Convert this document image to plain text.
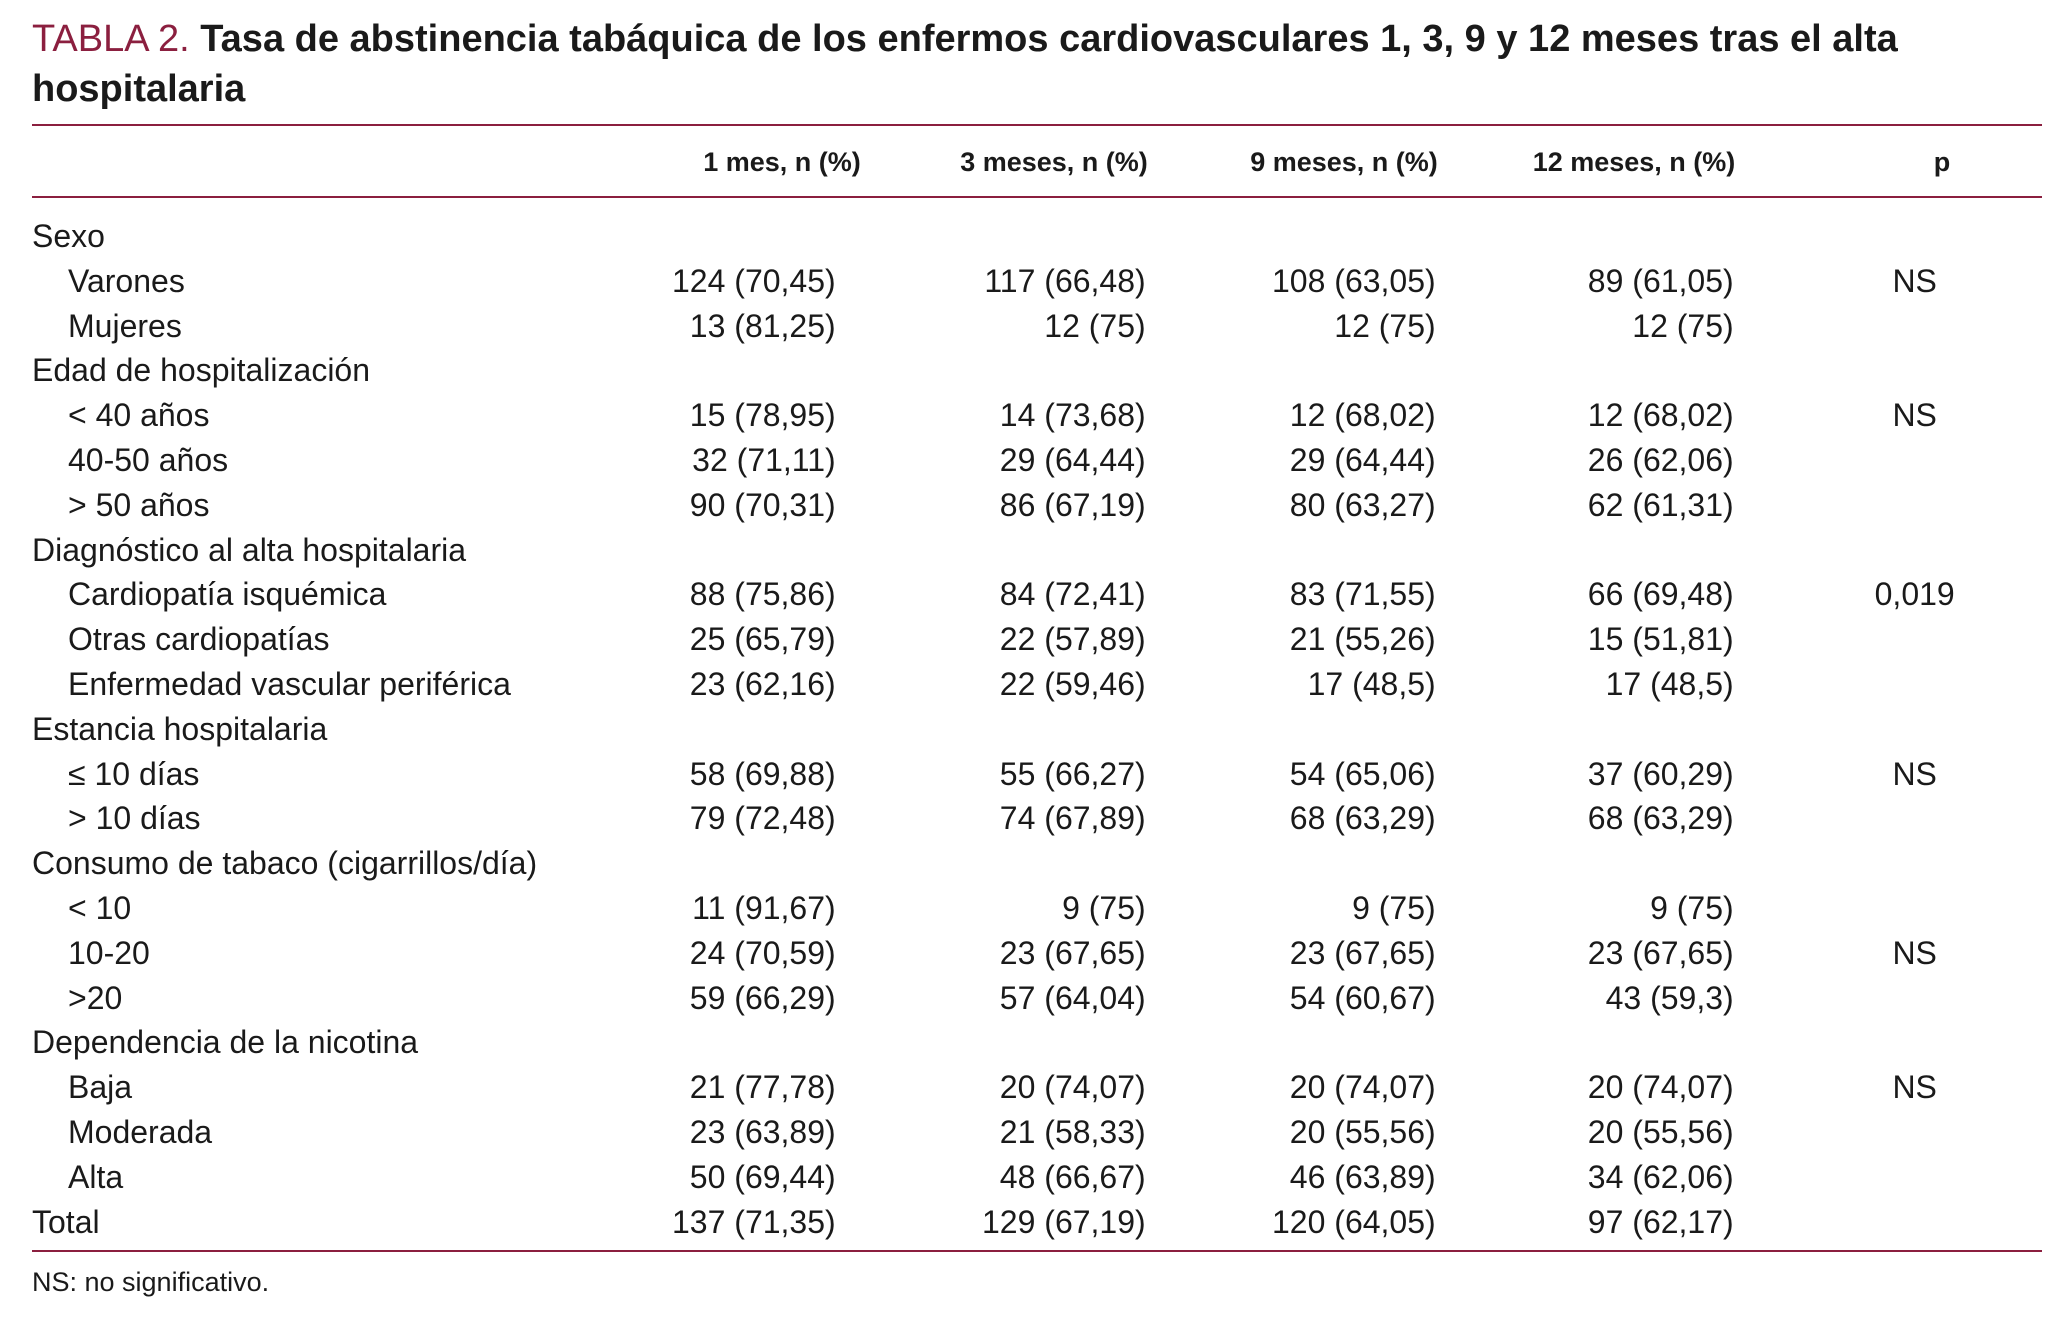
TABLA 2. Tasa de abstinencia tabáquica de los enfermos cardiovasculares 1, 3, 9 y 12 meses tras el alta hospitalaria
1 mes, n (%)	3 meses, n (%)	9 meses, n (%)	12 meses, n (%)	p
Sexo						
Varones	124 (70,45)	117 (66,48)	108 (63,05)	89 (61,05)		NS
Mujeres	13 (81,25)	12 (75)	12 (75)	12 (75)		
Edad de hospitalización						
< 40 años	15 (78,95)	14 (73,68)	12 (68,02)	12 (68,02)		NS
40-50 años	32 (71,11)	29 (64,44)	29 (64,44)	26 (62,06)		
> 50 años	90 (70,31)	86 (67,19)	80 (63,27)	62 (61,31)		
Diagnóstico al alta hospitalaria						
Cardiopatía isquémica	88 (75,86)	84 (72,41)	83 (71,55)	66 (69,48)		0,019
Otras cardiopatías	25 (65,79)	22 (57,89)	21 (55,26)	15 (51,81)		
Enfermedad vascular periférica	23 (62,16)	22 (59,46)	17 (48,5)	17 (48,5)		
Estancia hospitalaria						
≤ 10 días	58 (69,88)	55 (66,27)	54 (65,06)	37 (60,29)		NS
> 10 días	79 (72,48)	74 (67,89)	68 (63,29)	68 (63,29)		
Consumo de tabaco (cigarrillos/día)						
< 10	11 (91,67)	9 (75)	9 (75)	9 (75)		
10-20	24 (70,59)	23 (67,65)	23 (67,65)	23 (67,65)		NS
>20	59 (66,29)	57 (64,04)	54 (60,67)	43 (59,3)		
Dependencia de la nicotina						
Baja	21 (77,78)	20 (74,07)	20 (74,07)	20 (74,07)		NS
Moderada	23 (63,89)	21 (58,33)	20 (55,56)	20 (55,56)		
Alta	50 (69,44)	48 (66,67)	46 (63,89)	34 (62,06)		
Total	137 (71,35)	129 (67,19)	120 (64,05)	97 (62,17)		
NS: no significativo.
